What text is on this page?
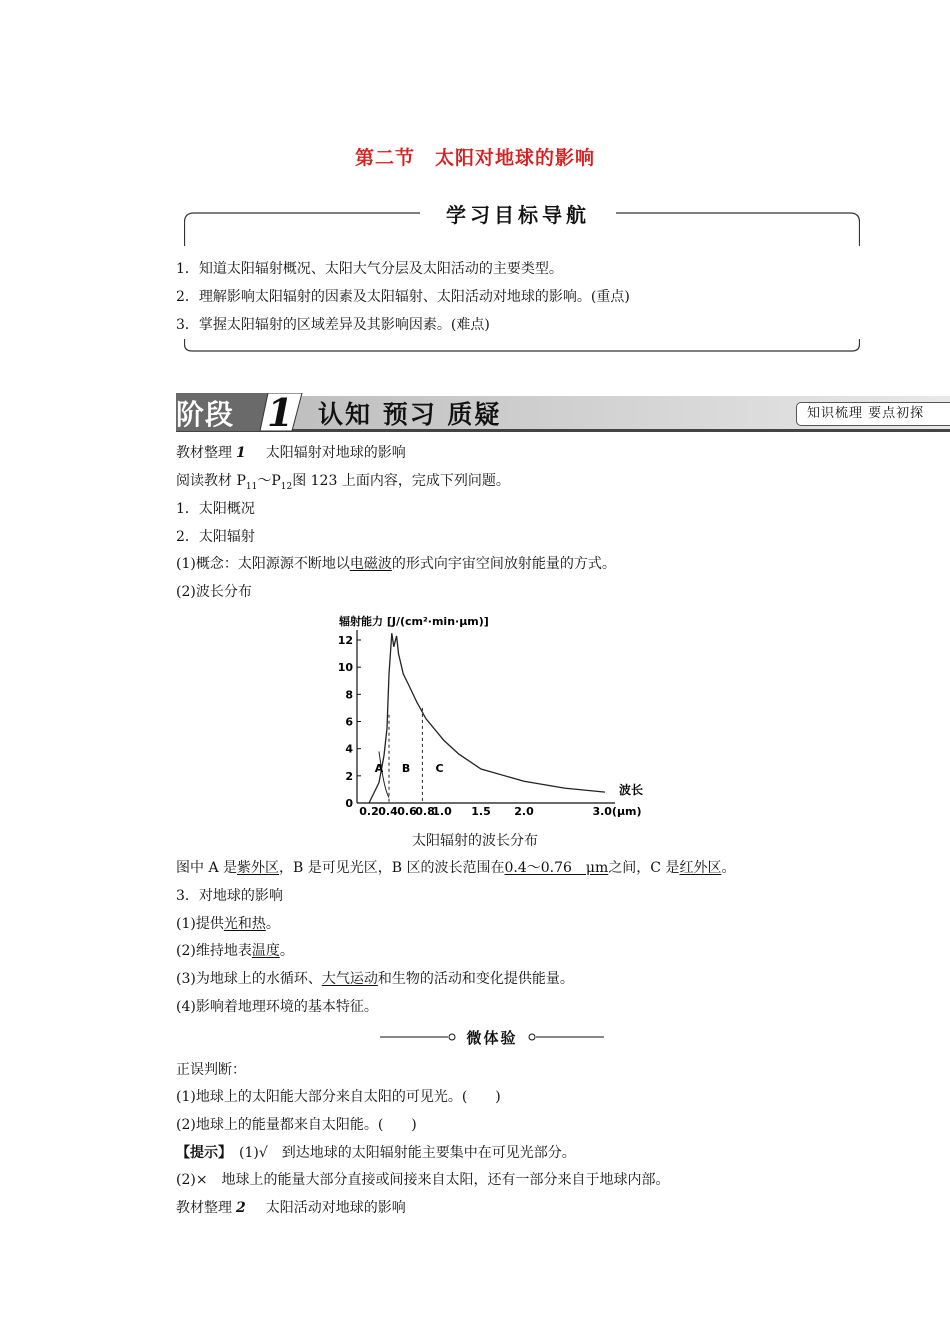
第二节　太阳对地球的影响
学习目标导航
1．知道太阳辐射概况、太阳大气分层及太阳活动的主要类型。
2．理解影响太阳辐射的因素及太阳辐射、太阳活动对地球的影响。(重点)
3．掌握太阳辐射的区域差异及其影响因素。(难点)
1
阶段	认知 预习 质疑	知识梳理 要点初探
教材整理 1　 太阳辐射对地球的影响
阅读教材 $P_{11}\sim P_{12}$图 123 上面内容，完成下列问题。
1．太阳概况
2．太阳辐射
(1)概念：太阳源源不断地以电磁波的形式向宇宙空间放射能量的方式。
(2)波长分布
辐射能力 [J/(cm²·min·μm)]
波长
0
2
4
6
8
10
12
0.2 0.4 0.6
0.8
1.0 1.5 2.0	3.0(μm)
A B C
太阳辐射的波长分布
图中 A 是紫外区，B 是可见光区，B 区的波长范围在0.4～0.76　μm之间，C 是红外区。
3．对地球的影响
(1)提供光和热。
(2)维持地表温度。
(3)为地球上的水循环、大气运动和生物的活动和变化提供能量。
(4)影响着地理环境的基本特征。
微体验
正误判断：
(1)地球上的太阳能大部分来自太阳的可见光。(　　)
(2)地球上的能量都来自太阳能。(　　)
【提示】　(1)√　到达地球的太阳辐射能主要集中在可见光部分。
(2)×　地球上的能量大部分直接或间接来自太阳，还有一部分来自于地球内部。
教材整理 2　 太阳活动对地球的影响
